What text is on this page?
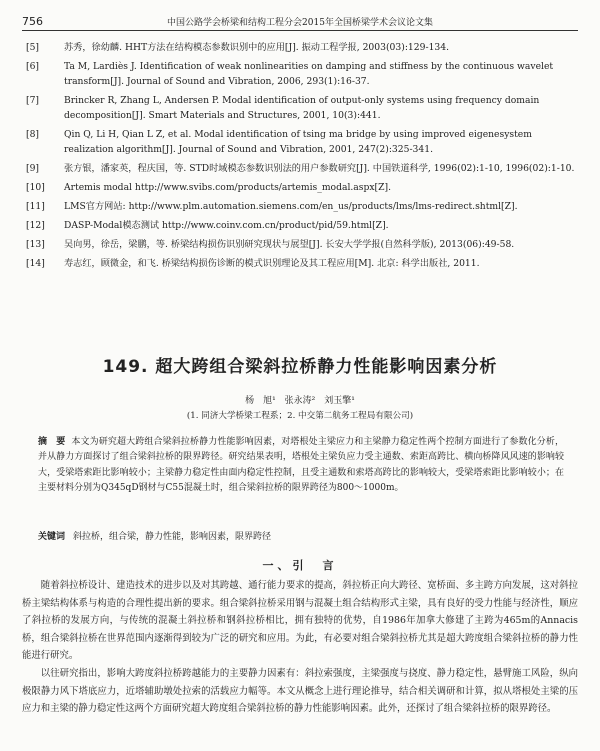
756	中国公路学会桥梁和结构工程分会2015年全国桥梁学术会议论文集
[5]	苏秀，徐幼麟. HHT方法在结构模态参数识别中的应用[J]. 振动工程学报, 2003(03):129-134.
[6]	Ta M, Lardiès J. Identification of weak nonlinearities on damping and stiffness by the continuous wavelet transform[J]. Journal of Sound and Vibration, 2006, 293(1):16-37.
[7]	Brincker R, Zhang L, Andersen P. Modal identification of output-only systems using frequency domain decomposition[J]. Smart Materials and Structures, 2001, 10(3):441.
[8]	Qin Q, Li H, Qian L Z, et al. Modal identification of tsing ma bridge by using improved eigenesystem realization algorithm[J]. Journal of Sound and Vibration, 2001, 247(2):325-341.
[9]	张方银，潘家英，程庆国，等. STD时域模态参数识别法的用户参数研究[J]. 中国铁道科学, 1996(02):1-10, 1996(02):1-10.
[10] Artemis modal http://www.svibs.com/products/artemis_modal.aspx[Z].
[11] LMS官方网站: http://www.plm.automation.siemens.com/en_us/products/lms/lms-redirect.shtml[Z].
[12] DASP-Modal模态测试 http://www.coinv.com.cn/product/pid/59.html[Z].
[13] 吴向男，徐岳，梁鹏，等. 桥梁结构损伤识别研究现状与展望[J]. 长安大学学报(自然科学版), 2013(06):49-58.
[14] 寿志红，顾微金，和飞. 桥梁结构损伤诊断的模式识别理论及其工程应用[M]. 北京: 科学出版社, 2011.
149. 超大跨组合梁斜拉桥静力性能影响因素分析
杨　旭¹　张永涛²　刘玉擎¹
(1. 同济大学桥梁工程系；2. 中交第二航务工程局有限公司)
摘　要 本文为研究超大跨组合梁斜拉桥静力性能影响因素，对塔根处主梁应力和主梁静力稳定性两个控制方面进行了参数化分析，并从静力方面探讨了组合梁斜拉桥的限界跨径。研究结果表明，塔根处主梁负应力受主通数、索距高跨比、横向桥降风风速的影响较大，受梁塔索距比影响较小；主梁静力稳定性由面内稳定性控制，且受主通数和索塔高跨比的影响较大，受梁塔索距比影响较小；在主要材料分别为Q345qD钢材与C55混凝土时，组合梁斜拉桥的限界跨径为800～1000m。
关键词 斜拉桥，组合梁，静力性能，影响因素，限界跨径
一、引　言

随着斜拉桥设计、建造技术的进步以及对其跨越、通行能力要求的提高，斜拉桥正向大跨径、宽桥面、多主跨方向发展，这对斜拉桥主梁结构体系与构造的合理性提出新的要求。组合梁斜拉桥采用钢与混凝土组合结构形式主梁，具有良好的受力性能与经济性，顺应了斜拉桥的发展方向，与传统的混凝土斜拉桥和钢斜拉桥相比，拥有独特的优势，自1986年加拿大修建了主跨为465m的Annacis桥，组合梁斜拉桥在世界范围内逐渐得到较为广泛的研究和应用。为此，有必要对组合梁斜拉桥尤其是超大跨度组合梁斜拉桥的静力性能进行研究。

以往研究指出，影响大跨度斜拉桥跨越能力的主要静力因素有：斜拉索强度，主梁强度与挠度、静力稳定性，悬臂施工风险，纵向极限静力风下塔底应力，近塔辅助墩处拉索的活载应力幅等。本文从概念上进行理论推导，结合相关调研和计算，拟从塔根处主梁的压应力和主梁的静力稳定性这两个方面研究超大跨度组合梁斜拉桥的静力性能影响因素。此外，还探讨了组合梁斜拉桥的限界跨径。
